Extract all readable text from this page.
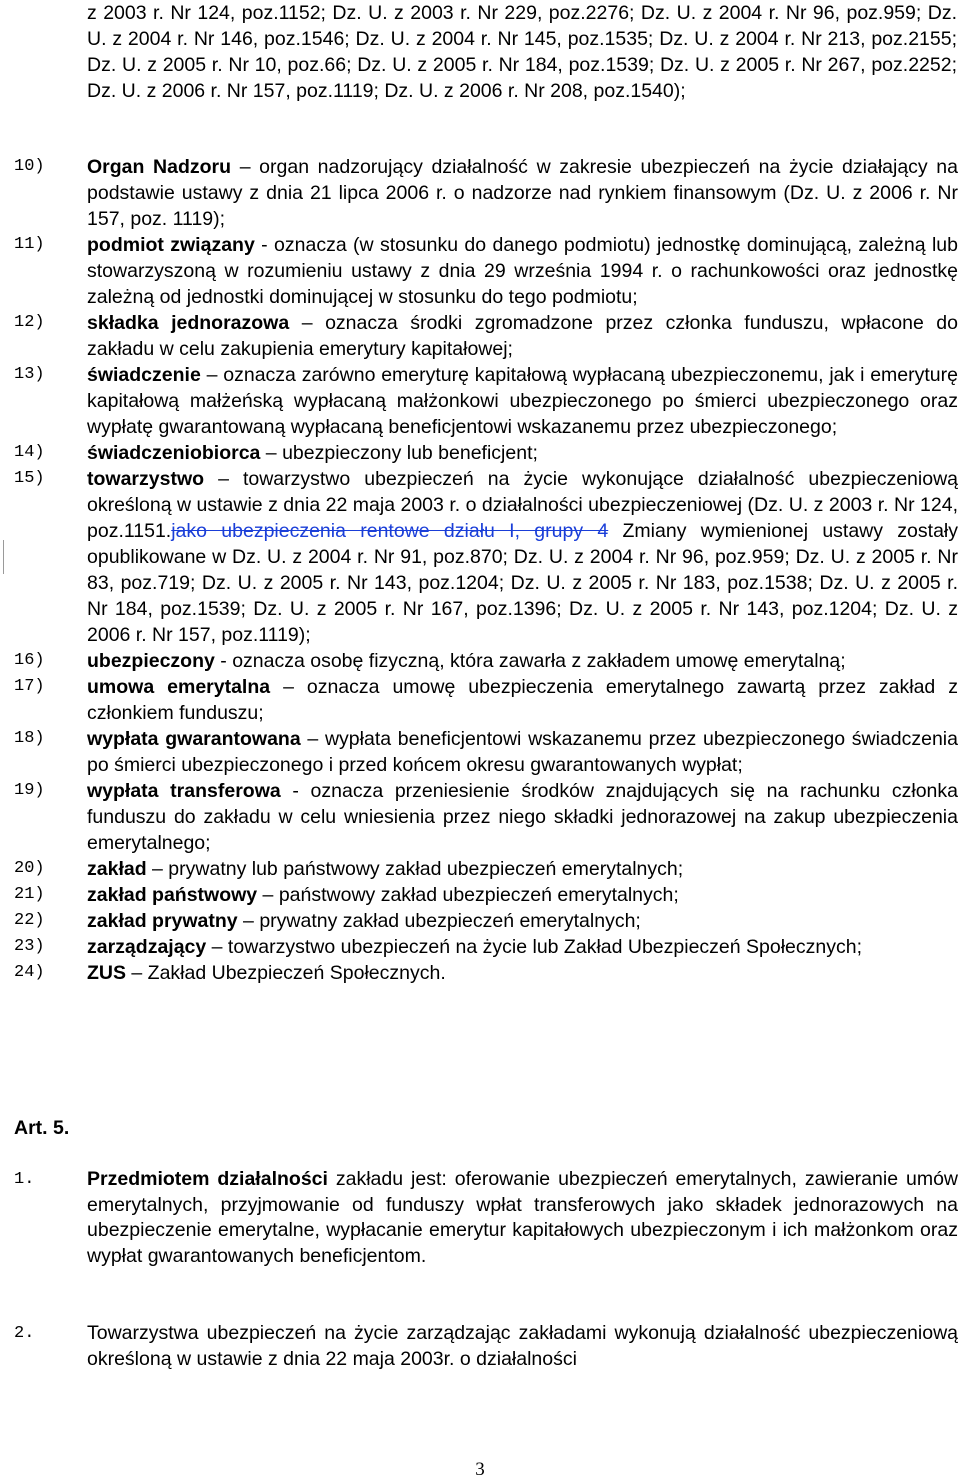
z 2003 r. Nr 124, poz.1152; Dz. U. z 2003 r. Nr 229, poz.2276; Dz. U. z 2004 r. Nr 96, poz.959; Dz. U. z 2004 r. Nr 146, poz.1546; Dz. U. z 2004 r. Nr 145, poz.1535; Dz. U. z 2004 r. Nr 213, poz.2155; Dz. U. z 2005 r. Nr 10, poz.66; Dz. U. z 2005 r. Nr 184, poz.1539; Dz. U. z 2005 r. Nr 267, poz.2252; Dz. U. z 2006 r. Nr 157, poz.1119; Dz. U. z 2006 r. Nr 208, poz.1540);
10) Organ Nadzoru – organ nadzorujący działalność w zakresie ubezpieczeń na życie działający na podstawie ustawy z dnia 21 lipca 2006 r. o nadzorze nad rynkiem finansowym (Dz. U. z 2006 r. Nr 157, poz. 1119);
11) podmiot związany - oznacza (w stosunku do danego podmiotu) jednostkę dominującą, zależną lub stowarzyszoną w rozumieniu ustawy z dnia 29 września 1994 r. o rachunkowości oraz jednostkę zależną od jednostki dominującej w stosunku do tego podmiotu;
12) składka jednorazowa – oznacza środki zgromadzone przez członka funduszu, wpłacone do zakładu w celu zakupienia emerytury kapitałowej;
13) świadczenie – oznacza zarówno emeryturę kapitałową wypłacaną ubezpieczonemu, jak i emeryturę kapitałową małżeńską wypłacaną małżonkowi ubezpieczonego po śmierci ubezpieczonego oraz wypłatę gwarantowaną wypłacaną beneficjentowi wskazanemu przez ubezpieczonego;
14) świadczeniobiorca – ubezpieczony lub beneficjent;
15) towarzystwo – towarzystwo ubezpieczeń na życie wykonujące działalność ubezpieczeniową określoną w ustawie z dnia 22 maja 2003 r. o działalności ubezpieczeniowej (Dz. U. z 2003 r. Nr 124, poz.1151.jako ubezpieczenia rentowe działu I, grupy 4 Zmiany wymienionej ustawy zostały opublikowane w Dz. U. z 2004 r. Nr 91, poz.870; Dz. U. z 2004 r. Nr 96, poz.959; Dz. U. z 2005 r. Nr 83, poz.719; Dz. U. z 2005 r. Nr 143, poz.1204; Dz. U. z 2005 r. Nr 183, poz.1538; Dz. U. z 2005 r. Nr 184, poz.1539; Dz. U. z 2005 r. Nr 167, poz.1396; Dz. U. z 2005 r. Nr 143, poz.1204; Dz. U. z 2006 r. Nr 157, poz.1119);
16) ubezpieczony - oznacza osobę fizyczną, która zawarła z zakładem umowę emerytalną;
17) umowa emerytalna – oznacza umowę ubezpieczenia emerytalnego zawartą przez zakład z członkiem funduszu;
18) wypłata gwarantowana – wypłata beneficjentowi wskazanemu przez ubezpieczonego świadczenia po śmierci ubezpieczonego i przed końcem okresu gwarantowanych wypłat;
19) wypłata transferowa - oznacza przeniesienie środków znajdujących się na rachunku członka funduszu do zakładu w celu wniesienia przez niego składki jednorazowej na zakup ubezpieczenia emerytalnego;
20) zakład – prywatny lub państwowy zakład ubezpieczeń emerytalnych;
21) zakład państwowy – państwowy zakład ubezpieczeń emerytalnych;
22) zakład prywatny – prywatny zakład ubezpieczeń emerytalnych;
23) zarządzający – towarzystwo ubezpieczeń na życie lub Zakład Ubezpieczeń Społecznych;
24) ZUS – Zakład Ubezpieczeń Społecznych.
Art. 5.
1.	Przedmiotem działalności zakładu jest: oferowanie ubezpieczeń emerytalnych, zawieranie umów emerytalnych, przyjmowanie od funduszy wpłat transferowych jako składek jednorazowych na ubezpieczenie emerytalne, wypłacanie emerytur kapitałowych ubezpieczonym i ich małżonkom oraz wypłat gwarantowanych beneficjentom.
2.	Towarzystwa ubezpieczeń na życie zarządzając zakładami wykonują działalność ubezpieczeniową określoną w ustawie z dnia 22 maja 2003r. o działalności
3
